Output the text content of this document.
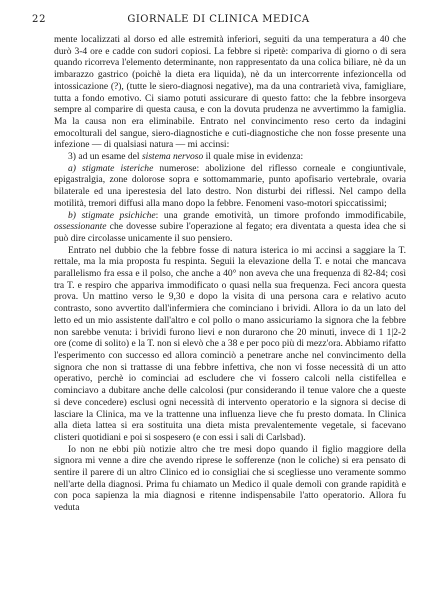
22	GIORNALE DI CLINICA MEDICA

mente localizzati al dorso ed alle estremità inferiori, seguiti da una temperatura a 40 che durò 3-4 ore e cadde con sudori copiosi. La febbre si ripetè: compariva di giorno o di sera quando ricorreva l'elemento determinante, non rappresentato da una colica biliare, nè da un imbarazzo gastrico (poichè la dieta era liquida), nè da un intercorrente infezioncella od intossicazione (?), (tutte le siero-diagnosi negative), ma da una contrarietà viva, famigliare, tutta a fondo emotivo. Ci siamo potuti assicurare di questo fatto: che la febbre insorgeva sempre al comparire di questa causa, e con la dovuta prudenza ne avvertimmo la famiglia. Ma la causa non era eliminabile. Entrato nel convincimento reso certo da indagini emocolturali del sangue, siero-diagnostiche e cuti-diagnostiche che non fosse presente una infezione — di qualsiasi natura — mi accinsi:

3) ad un esame del sistema nervoso il quale mise in evidenza:

a) stigmate isteriche numerose: abolizione del riflesso corneale e congiuntivale, epigastralgia, zone dolorose sopra e sottomammarie, punto apofisario vertebrale, ovaria bilaterale ed una iperestesia del lato destro. Non disturbi dei riflessi. Nel campo della motilità, tremori diffusi alla mano dopo la febbre. Fenomeni vaso-motori spiccatissimi;

b) stigmate psichiche: una grande emotività, un timore profondo immodificabile, ossessionante che dovesse subire l'operazione al fegato; era diventata a questa idea che si può dire circolasse unicamente il suo pensiero.

Entrato nel dubbio che la febbre fosse di natura isterica io mi accinsi a saggiare la T. rettale, ma la mia proposta fu respinta. Seguii la elevazione della T. e notai che mancava parallelismo fra essa e il polso, che anche a 40° non aveva che una frequenza di 82-84; così tra T. e respiro che appariva immodificato o quasi nella sua frequenza. Feci ancora questa prova. Un mattino verso le 9,30 e dopo la visita di una persona cara e relativo acuto contrasto, sono avvertito dall'infermiera che cominciano i brividi. Allora io da un lato del letto ed un mio assistente dall'altro e col pollo o mano assicuriamo la signora che la febbre non sarebbe venuta: i brividi furono lievi e non durarono che 20 minuti, invece di 1 1|2-2 ore (come di solito) e la T. non si elevò che a 38 e per poco più di mezz'ora. Abbiamo rifatto l'esperimento con successo ed allora cominciò a penetrare anche nel convincimento della signora che non si trattasse di una febbre infettiva, che non vi fosse necessità di un atto operativo, perchè io cominciai ad escludere che vi fossero calcoli nella cistifellea e cominciavo a dubitare anche delle calcolosi (pur considerando il tenue valore che a queste si deve concedere) esclusi ogni necessità di intervento operatorio e la signora si decise di lasciare la Clinica, ma ve la trattenne una influenza lieve che fu presto domata. In Clinica alla dieta lattea si era sostituita una dieta mista prevalentemente vegetale, si facevano clisteri quotidiani e poi si sospesero (e con essi i sali di Carlsbad).

Io non ne ebbi più notizie altro che tre mesi dopo quando il figlio maggiore della signora mi venne a dire che avendo riprese le sofferenze (non le coliche) si era pensato di sentire il parere di un altro Clinico ed io consigliai che si scegliesse uno veramente sommo nell'arte della diagnosi. Prima fu chiamato un Medico il quale demolì con grande rapidità e con poca sapienza la mia diagnosi e ritenne indispensabile l'atto operatorio. Allora fu veduta
